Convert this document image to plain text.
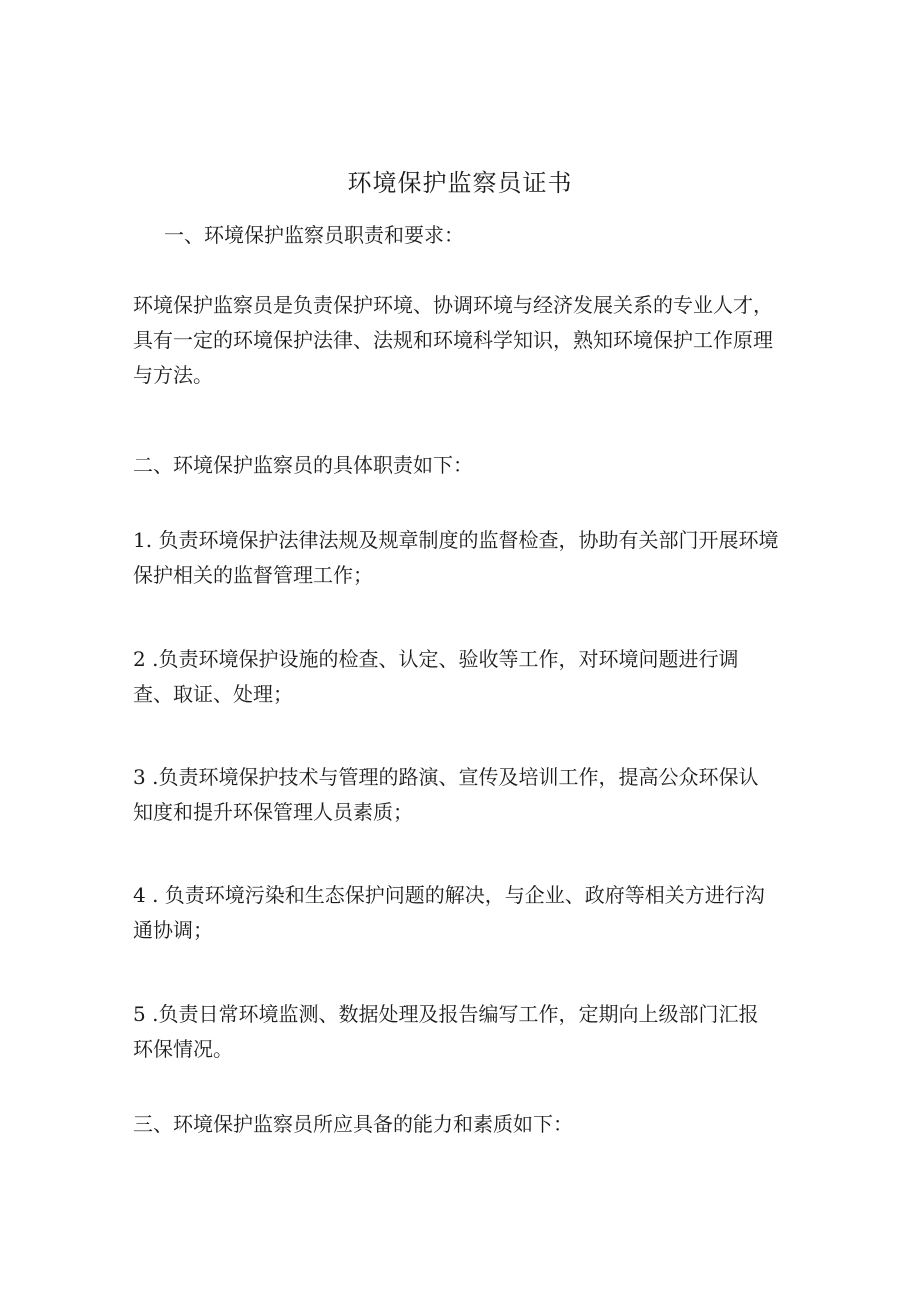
环境保护监察员证书

一、环境保护监察员职责和要求：

环境保护监察员是负责保护环境、协调环境与经济发展关系的专业人才，
具有一定的环境保护法律、法规和环境科学知识，熟知环境保护工作原理
与方法。

二、环境保护监察员的具体职责如下：

1. 负责环境保护法律法规及规章制度的监督检查，协助有关部门开展环境
保护相关的监督管理工作；

2 .负责环境保护设施的检查、认定、验收等工作，对环境问题进行调
查、取证、处理；

3 .负责环境保护技术与管理的路演、宣传及培训工作，提高公众环保认
知度和提升环保管理人员素质；

4 . 负责环境污染和生态保护问题的解决，与企业、政府等相关方进行沟
通协调；

5 .负责日常环境监测、数据处理及报告编写工作，定期向上级部门汇报
环保情况。

三、环境保护监察员所应具备的能力和素质如下：
